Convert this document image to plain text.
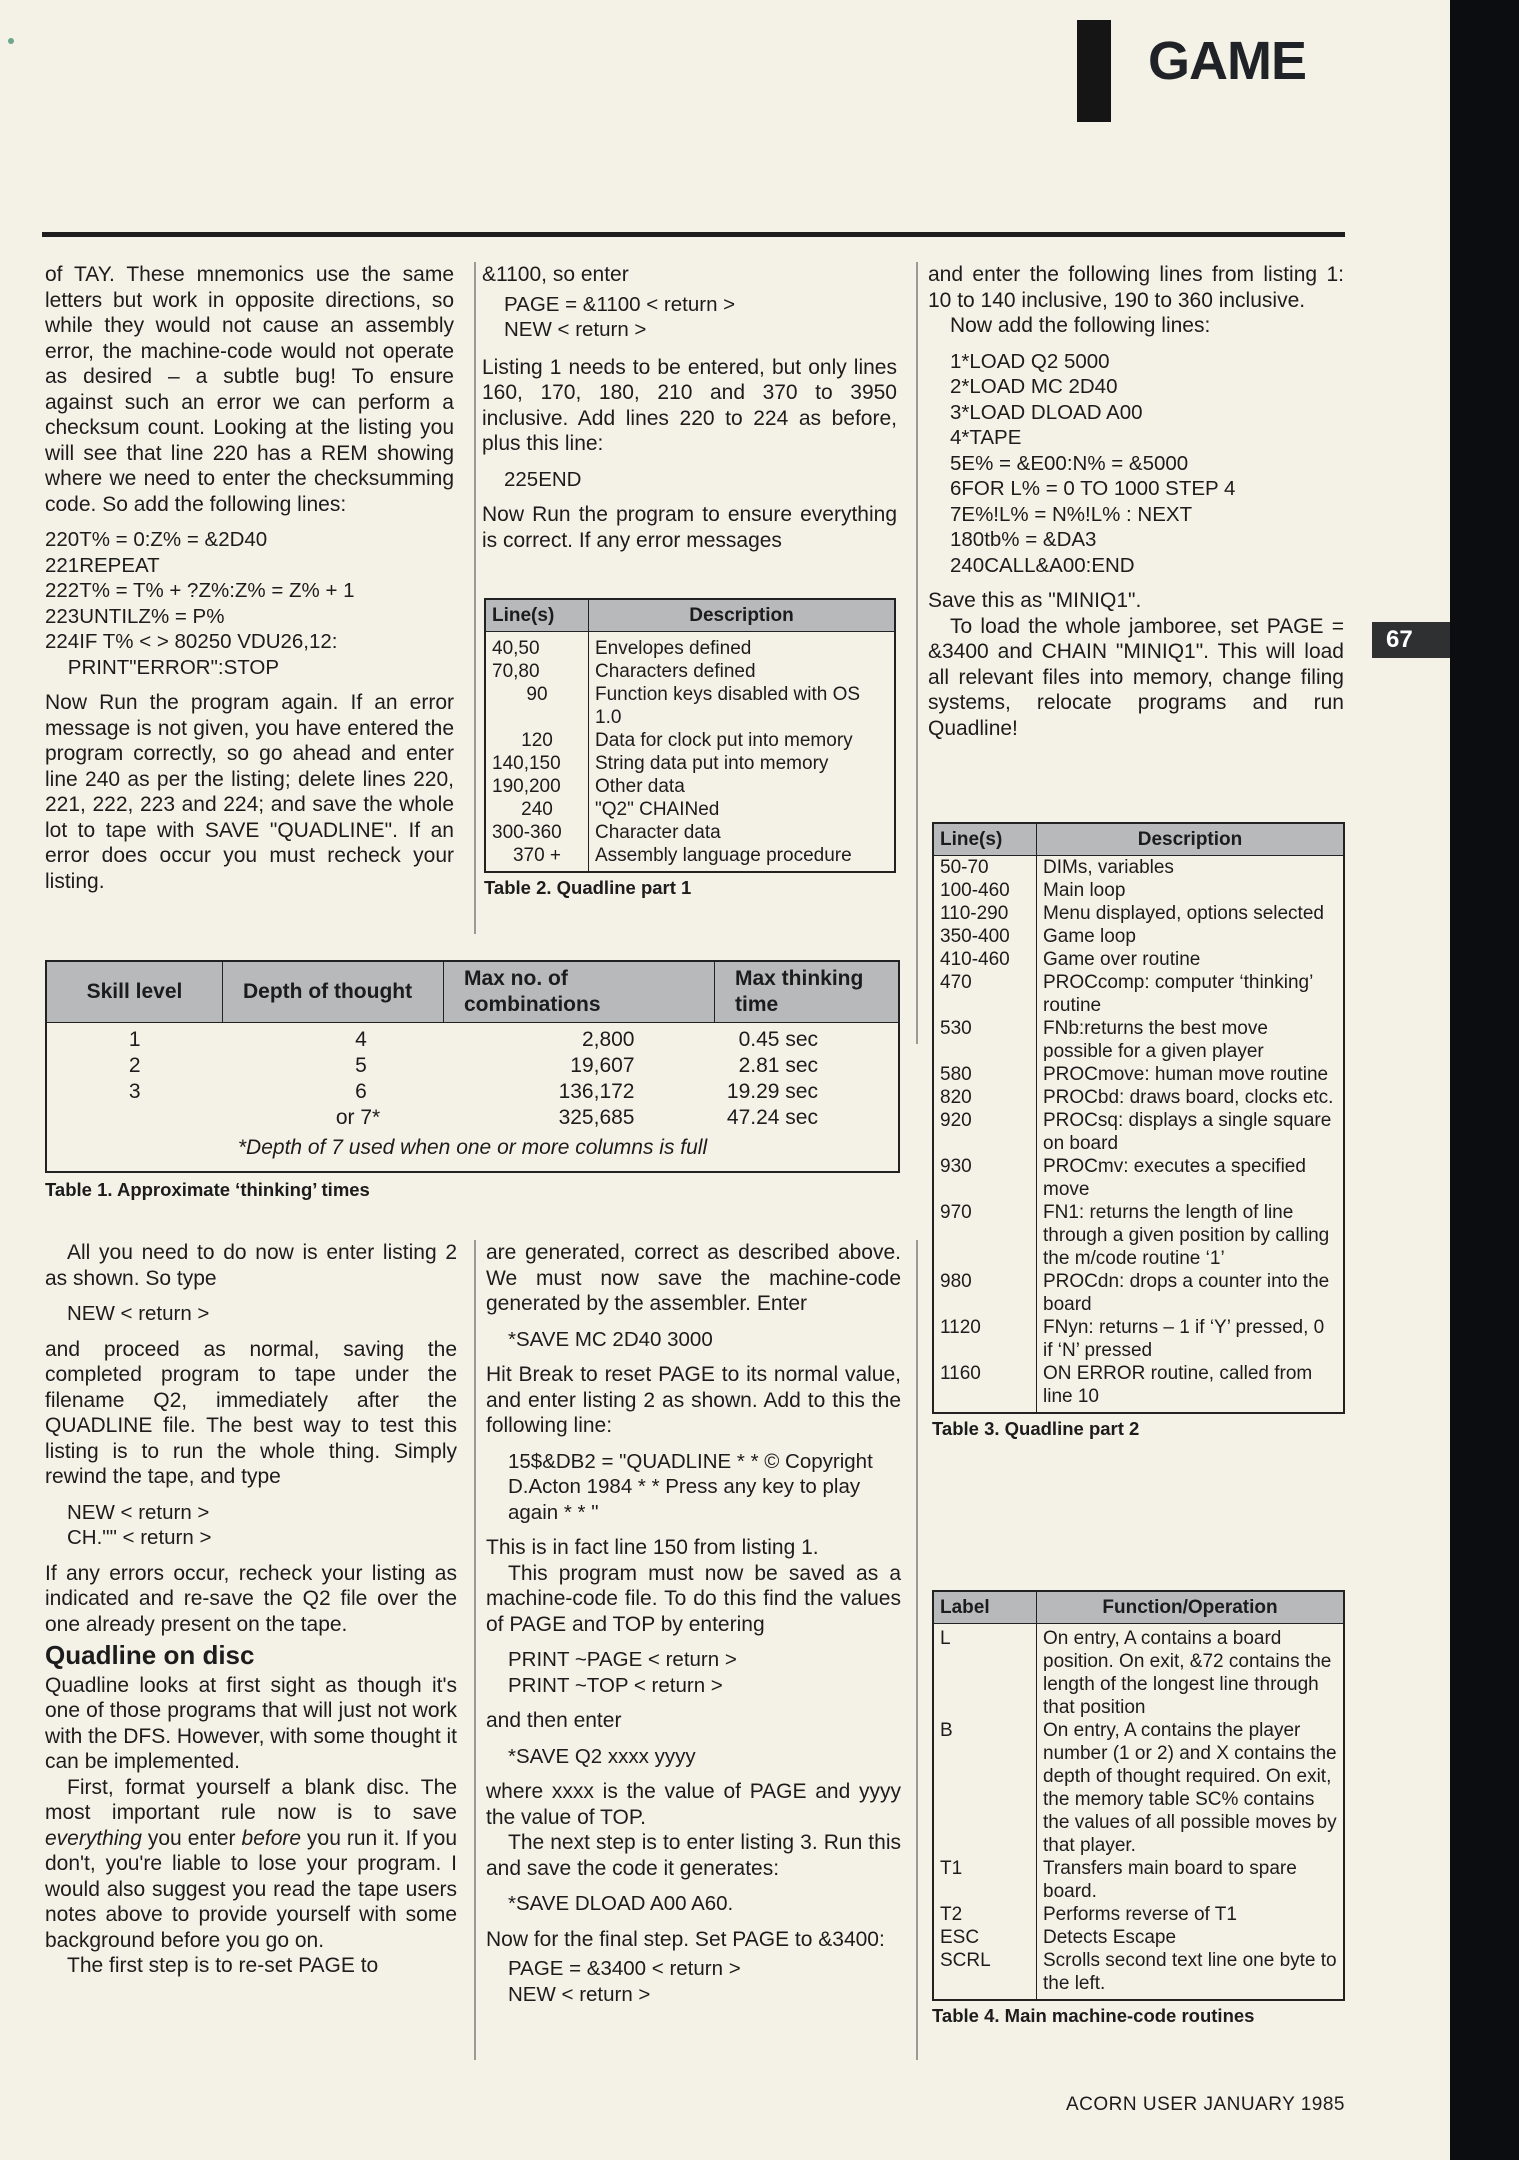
GAME
67

of TAY. These mnemonics use the same letters but work in opposite directions, so while they would not cause an assembly error, the machine-code would not operate as desired – a subtle bug! To ensure against such an error we can perform a checksum count. Looking at the listing you will see that line 220 has a REM showing where we need to enter the checksumming code. So add the following lines:

220T% = 0:Z% = &2D40
221REPEAT
222T% = T% + ?Z%:Z% = Z% + 1
223UNTILZ% = P%
224IF T% < > 80250 VDU26,12:
PRINT"ERROR":STOP

Now Run the program again. If an error message is not given, you have entered the program correctly, so go ahead and enter line 240 as per the listing; delete lines 220, 221, 222, 223 and 224; and save the whole lot to tape with SAVE "QUADLINE". If an error does occur you must recheck your listing.

&1100, so enter

PAGE = &1100 < return >
NEW < return >

Listing 1 needs to be entered, but only lines 160, 170, 180, 210 and 370 to 3950 inclusive. Add lines 220 to 224 as before, plus this line:

225END

Now Run the program to ensure everything is correct. If any error messages

Line(s)	Description
40,50	Envelopes defined
70,80	Characters defined
90	Function keys disabled with OS 1.0
120	Data for clock put into memory
140,150	String data put into memory
190,200	Other data
240	"Q2" CHAINed
300-360	Character data
370 +	Assembly language procedure
Table 2. Quadline part 1

and enter the following lines from listing 1: 10 to 140 inclusive, 190 to 360 inclusive.

Now add the following lines:

1*LOAD Q2 5000
2*LOAD MC 2D40
3*LOAD DLOAD A00
4*TAPE
5E% = &E00:N% = &5000
6FOR L% = 0 TO 1000 STEP 4
7E%!L% = N%!L% : NEXT
180tb% = &DA3
240CALL&A00:END

Save this as "MINIQ1".

To load the whole jamboree, set PAGE = &3400 and CHAIN "MINIQ1". This will load all relevant files into memory, change filing systems, relocate programs and run Quadline!

Line(s)	Description
50-70	DIMs, variables
100-460	Main loop
110-290	Menu displayed, options selected
350-400	Game loop
410-460	Game over routine
470	PROCcomp: computer ‘thinking’ routine
530	FNb:returns the best move possible for a given player
580	PROCmove: human move routine
820	PROCbd: draws board, clocks etc.
920	PROCsq: displays a single square on board
930	PROCmv: executes a specified move
970	FN1: returns the length of line through a given position by calling the m/code routine ‘1’
980	PROCdn: drops a counter into the board
1120	FNyn: returns – 1 if ‘Y’ pressed, 0 if ‘N’ pressed
1160	ON ERROR routine, called from line 10
Table 3. Quadline part 2
Skill level	Depth of thought	Max no. of combinations	Max thinking time
1	4	2,800	0.45 sec
2	5	19,607	2.81 sec
3	6	136,172	19.29 sec
	or 7*	325,685	47.24 sec
*Depth of 7 used when one or more columns is full			
Table 1. Approximate ‘thinking’ times

All you need to do now is enter listing 2 as shown. So type

NEW < return >

and proceed as normal, saving the completed program to tape under the filename Q2, immediately after the QUADLINE file. The best way to test this listing is to run the whole thing. Simply rewind the tape, and type

NEW < return >
CH."" < return >

If any errors occur, recheck your listing as indicated and re-save the Q2 file over the one already present on the tape.

Quadline on disc

Quadline looks at first sight as though it's one of those programs that will just not work with the DFS. However, with some thought it can be implemented.

First, format yourself a blank disc. The most important rule now is to save everything you enter before you run it. If you don't, you're liable to lose your program. I would also suggest you read the tape users notes above to provide yourself with some background before you go on.

The first step is to re-set PAGE to

are generated, correct as described above. We must now save the machine-code generated by the assembler. Enter

*SAVE MC 2D40 3000

Hit Break to reset PAGE to its normal value, and enter listing 2 as shown. Add to this the following line:

15$&DB2 = "QUADLINE * * © Copyright D.Acton 1984 * * Press any key to play again * * "

This is in fact line 150 from listing 1.

This program must now be saved as a machine-code file. To do this find the values of PAGE and TOP by entering

PRINT ~PAGE < return >
PRINT ~TOP < return >

and then enter

*SAVE Q2 xxxx yyyy

where xxxx is the value of PAGE and yyyy the value of TOP.

The next step is to enter listing 3. Run this and save the code it generates:

*SAVE DLOAD A00 A60.

Now for the final step. Set PAGE to &3400:

PAGE = &3400 < return >
NEW < return >
Label	Function/Operation
L	On entry, A contains a board position. On exit, &72 contains the length of the longest line through that position
B	On entry, A contains the player number (1 or 2) and X contains the depth of thought required. On exit, the memory table SC% contains the values of all possible moves by that player.
T1	Transfers main board to spare board.
T2	Performs reverse of T1
ESC	Detects Escape
SCRL	Scrolls second text line one byte to the left.
Table 4. Main machine-code routines
ACORN USER JANUARY 1985
